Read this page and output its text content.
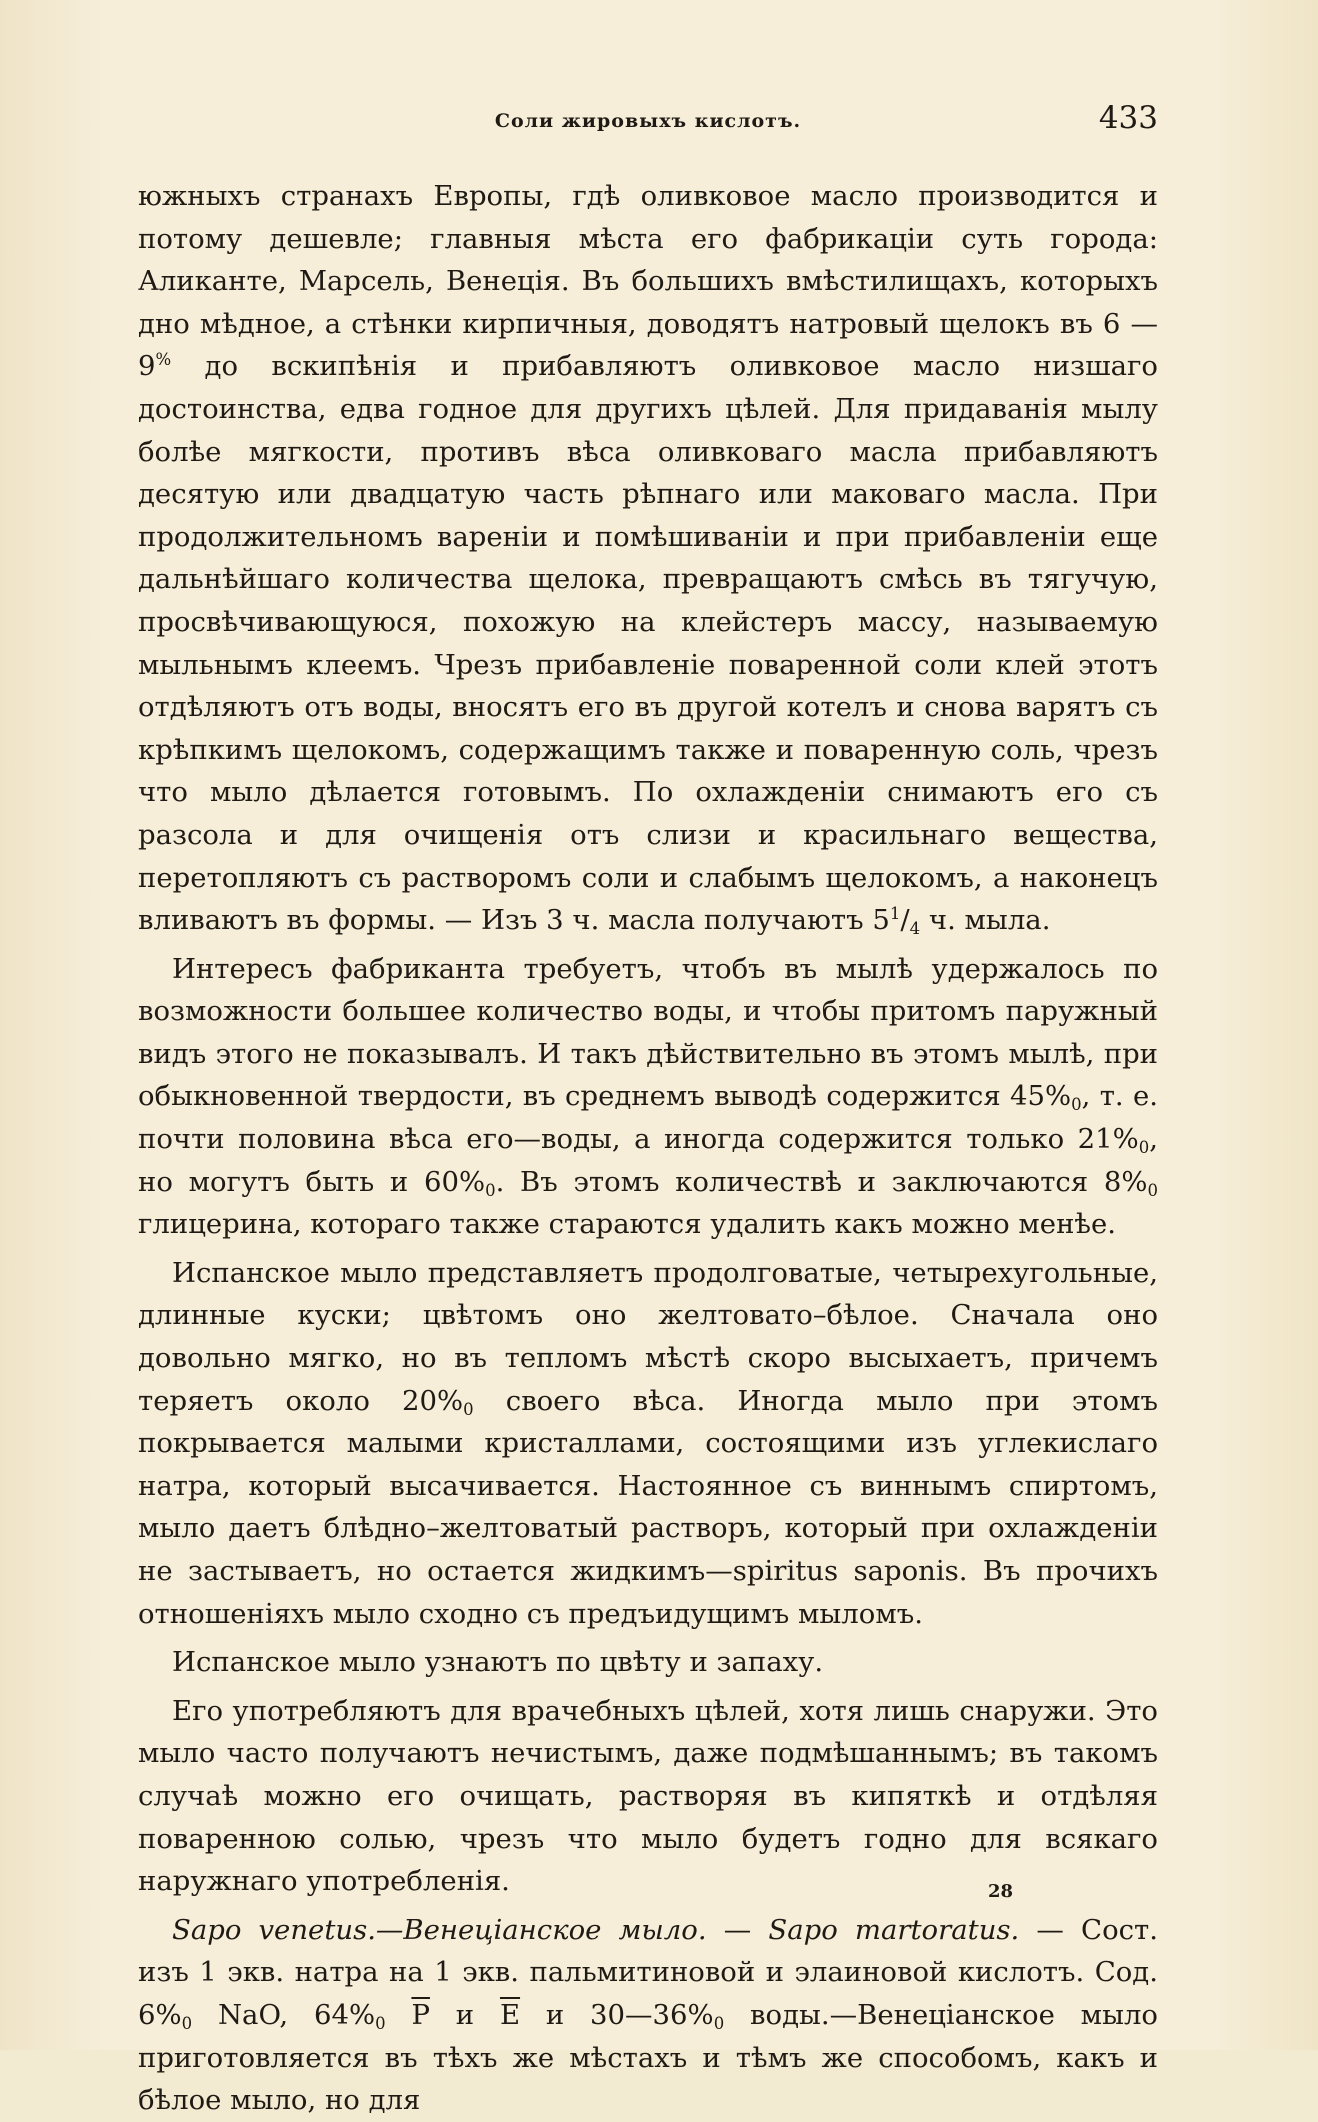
Соли жировыхъ кислотъ.	433

южныхъ странахъ Европы, гдѣ оливковое масло производится и потому дешевле; главныя мѣста его фабрикаціи суть города: Аликанте, Марсель, Венеція. Въ большихъ вмѣстилищахъ, которыхъ дно мѣдное, а стѣнки кирпичныя, доводятъ натровый щелокъ въ 6 — 9% до вскипѣнія и прибавляютъ оливковое масло низшаго достоинства, едва годное для другихъ цѣлей. Для придаванія мылу болѣе мягкости, противъ вѣса оливковаго масла прибавляютъ десятую или двадцатую часть рѣпнаго или маковаго масла. При продолжительномъ вареніи и помѣшиваніи и при прибавленіи еще дальнѣйшаго количества щелока, превращаютъ смѣсь въ тягучую, просвѣчивающуюся, похожую на клейстеръ массу, называемую мыльнымъ клеемъ. Чрезъ прибавленіе поваренной соли клей этотъ отдѣляютъ отъ воды, вносятъ его въ другой котелъ и снова варятъ съ крѣпкимъ щелокомъ, содержащимъ также и поваренную соль, чрезъ что мыло дѣлается готовымъ. По охлажденіи снимаютъ его съ разсола и для очищенія отъ слизи и красильнаго вещества, перетопляютъ съ растворомъ соли и слабымъ щелокомъ, а наконецъ вливаютъ въ формы. — Изъ 3 ч. масла получаютъ $5^1/_4$ ч. мыла.

Интересъ фабриканта требуетъ, чтобъ въ мылѣ удержалось по возможности большее количество воды, и чтобы притомъ паружный видъ этого не показывалъ. И такъ дѣйствительно въ этомъ мылѣ, при обыкновенной твердости, въ среднемъ выводѣ содержится $45\%_0$, т. е. почти половина вѣса его—воды, а иногда содержится только $21\%_0$, но могутъ быть и $60\%_0$. Въ этомъ количествѣ и заключаются $8\%_0$ глицерина, котораго также стараются удалить какъ можно менѣе.

Испанское мыло представляетъ продолговатые, четырехугольные, длинные куски; цвѣтомъ оно желтовато–бѣлое. Сначала оно довольно мягко, но въ тепломъ мѣстѣ скоро высыхаетъ, причемъ теряетъ около $20\%_0$ своего вѣса. Иногда мыло при этомъ покрывается малыми кристаллами, состоящими изъ углекислаго натра, который высачивается. Настоянное съ виннымъ спиртомъ, мыло даетъ блѣдно–желтоватый растворъ, который при охлажденіи не застываетъ, но остается жидкимъ—spiritus saponis. Въ прочихъ отношеніяхъ мыло сходно съ предъидущимъ мыломъ.

Испанское мыло узнаютъ по цвѣту и запаху.

Его употребляютъ для врачебныхъ цѣлей, хотя лишь снаружи. Это мыло часто получаютъ нечистымъ, даже подмѣшаннымъ; въ такомъ случаѣ можно его очищать, растворяя въ кипяткѣ и отдѣляя поваренною солью, чрезъ что мыло будетъ годно для всякаго наружнаго употребленія.

Sapo venetus.—Венеціанское мыло. — Sapo martoratus. — Сост. изъ 1 экв. натра на 1 экв. пальмитиновой и элаиновой кислотъ. Сод. $6\%_0$ NaO, $64\%_0$ $\overline{P}$ и $\overline{E}$ и $30—36\%_0$ воды.—Венеціанское мыло приготовляется въ тѣхъ же мѣстахъ и тѣмъ же способомъ, какъ и бѣлое мыло, но для

28
